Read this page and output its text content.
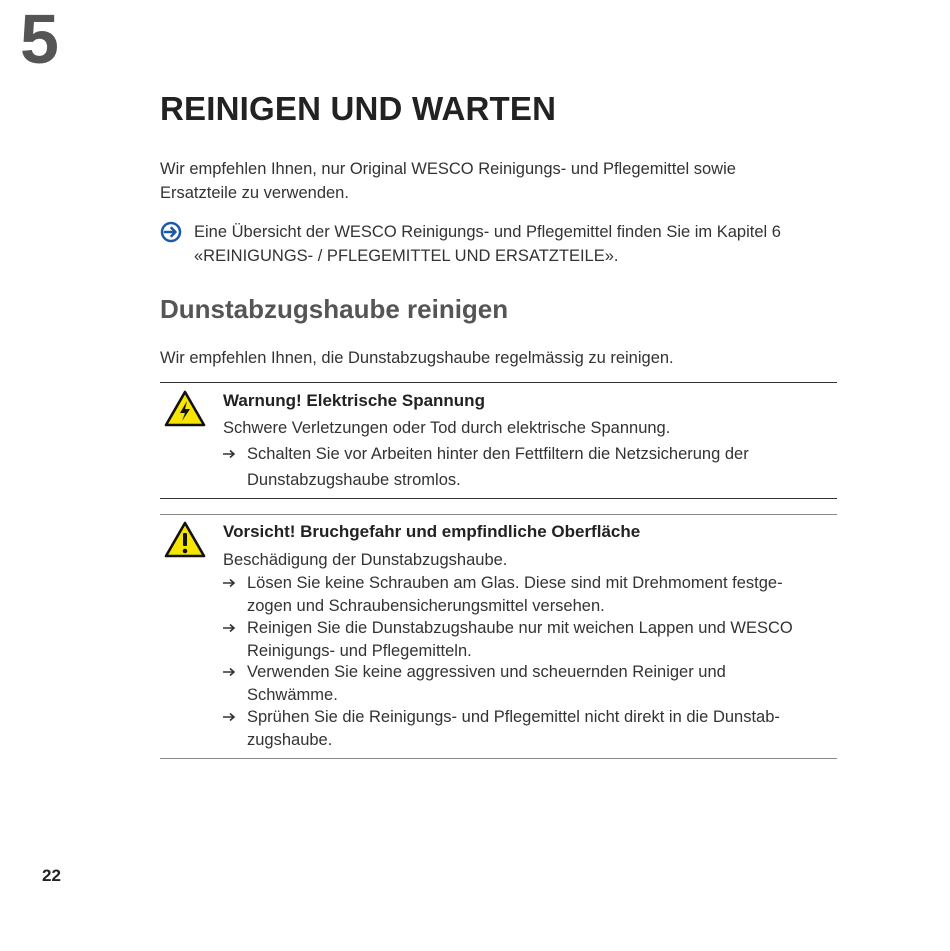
5
REINIGEN UND WARTEN

Wir empfehlen Ihnen, nur Original WESCO Reinigungs- und Pflegemittel sowie Ersatzteile zu verwenden.

Eine Übersicht der WESCO Reinigungs- und Pflegemittel finden Sie im Kapitel 6
«REINIGUNGS- / PFLEGEMITTEL UND ERSATZTEILE».
Dunstabzugshaube reinigen

Wir empfehlen Ihnen, die Dunstabzugshaube regelmässig zu reinigen.

Warnung! Elektrische Spannung
Schwere Verletzungen oder Tod durch elektrische Spannung.
Schalten Sie vor Arbeiten hinter den Fettfiltern die Netzsicherung der
Dunstabzugshaube stromlos.
Vorsicht! Bruchgefahr und empfindliche Oberfläche
Beschädigung der Dunstabzugshaube.
Lösen Sie keine Schrauben am Glas. Diese sind mit Drehmoment festge-
zogen und Schraubensicherungsmittel versehen.
Reinigen Sie die Dunstabzugshaube nur mit weichen Lappen und WESCO
Reinigungs- und Pflegemitteln.
Verwenden Sie keine aggressiven und scheuernden Reiniger und
Schwämme.
Sprühen Sie die Reinigungs- und Pflegemittel nicht direkt in die Dunstab-
zugshaube.
22
